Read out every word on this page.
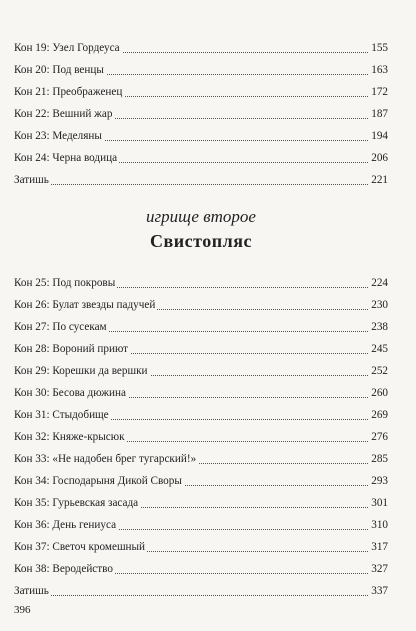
Кон 19: Узел Гордеуса	155
Кон 20: Под венцы	163
Кон 21: Преображенец	172
Кон 22: Вешний жар	187
Кон 23: Меделяны	194
Кон 24: Черна водица	206
Затишь	221
игрище второе
Свистопляс
Кон 25: Под покровы	224
Кон 26: Булат звезды падучей	230
Кон 27: По сусекам	238
Кон 28: Вороний приют	245
Кон 29: Корешки да вершки	252
Кон 30: Бесова дюжина	260
Кон 31: Стыдобище	269
Кон 32: Княже-крысюк	276
Кон 33: «Не надобен брег тугарский!»	285
Кон 34: Господарыня Дикой Своры	293
Кон 35: Гурьевская засада	301
Кон 36: День гениуса	310
Кон 37: Светоч кромешный	317
Кон 38: Веродейство	327
Затишь	337
396
